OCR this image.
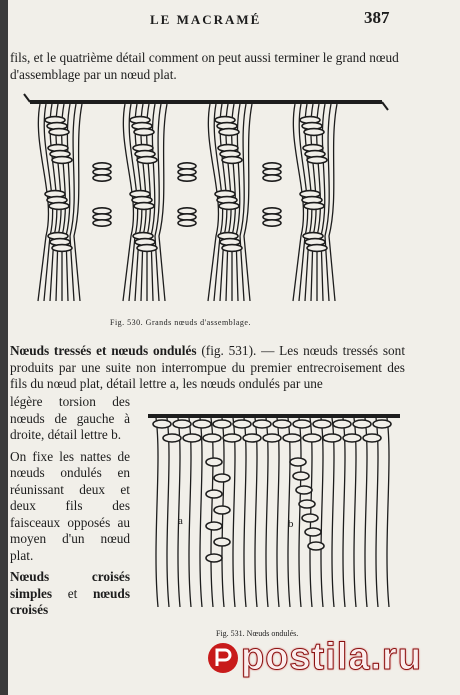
LE MACRAMÉ	387
fils, et le quatrième détail comment on peut aussi terminer le grand nœud d'assemblage par un nœud plat.
Fig. 530. Grands nœuds d'assemblage.
Nœuds tressés et nœuds ondulés (fig. 531). — Les nœuds tressés sont produits par une suite non interrompue du premier entrecroisement des fils du nœud plat, détail lettre a, les nœuds ondulés par une

légère torsion des nœuds de gauche à droite, détail lettre b.

On fixe les nattes de nœuds ondulés en réunissant deux et deux fils des faisceaux opposés au moyen d'un nœud plat.

Nœuds croisés simples et nœuds croisés

a	b
Fig. 531. Nœuds ondulés.
postila.ru
